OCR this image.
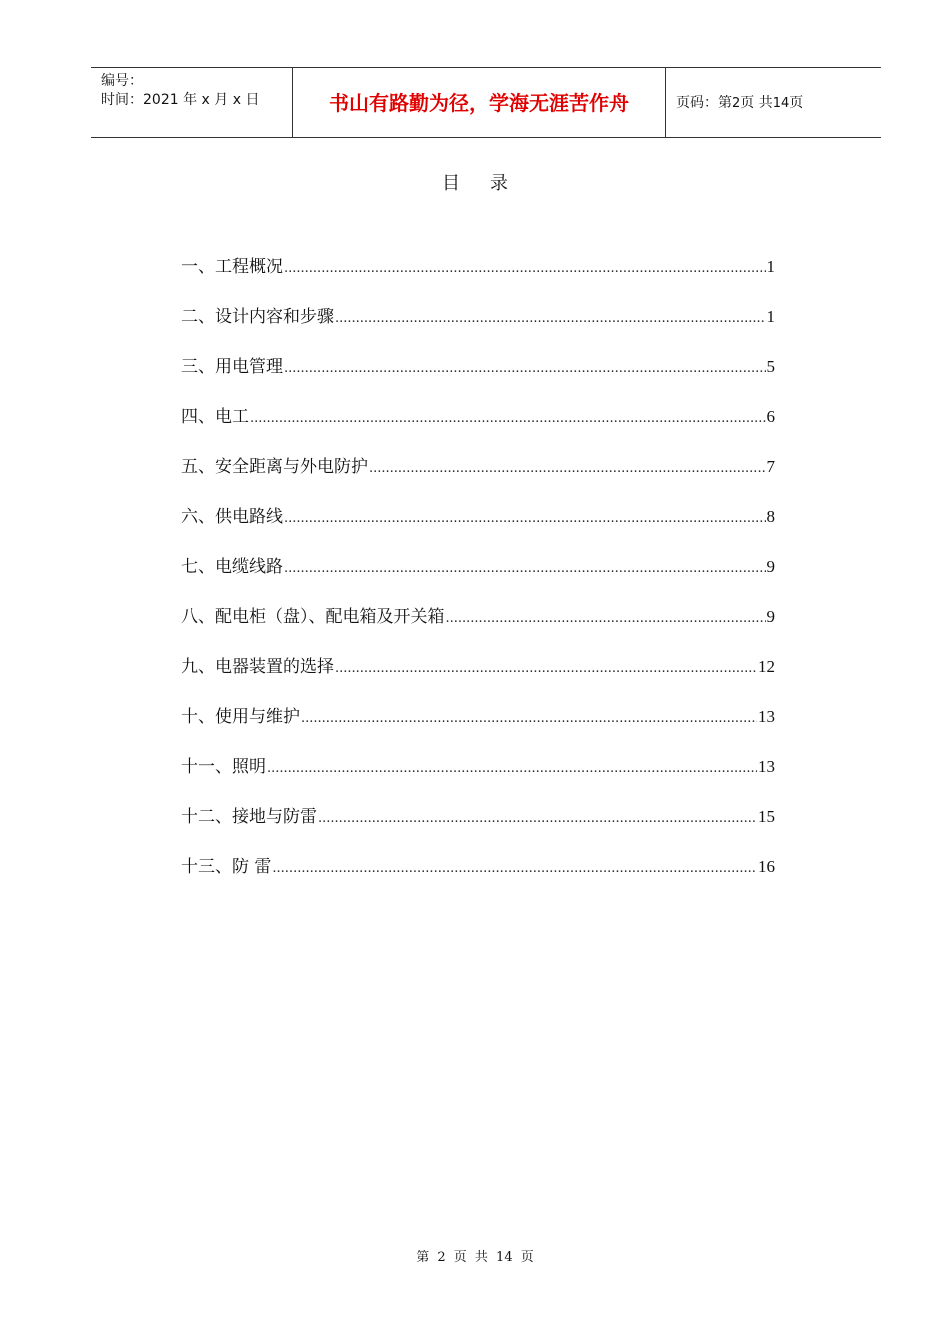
编号：
时间：2021 年 x 月 x 日	书山有路勤为径，学海无涯苦作舟	页码：第2页 共14页
目录
一、工程概况 .....	1
二、设计内容和步骤 .....	1
三、用电管理 .....	5
四、电工 .....	6
五、安全距离与外电防护 .....	7
六、供电路线 .....	8
七、电缆线路 .....	9
八、配电柜（盘）、配电箱及开关箱 .....	9
九、电器装置的选择 .....	12
十、使用与维护 .....	13
十一、照明 .....	13
十二、接地与防雷 .....	15
十三、防 雷 .....	16
第 2 页 共 14 页
